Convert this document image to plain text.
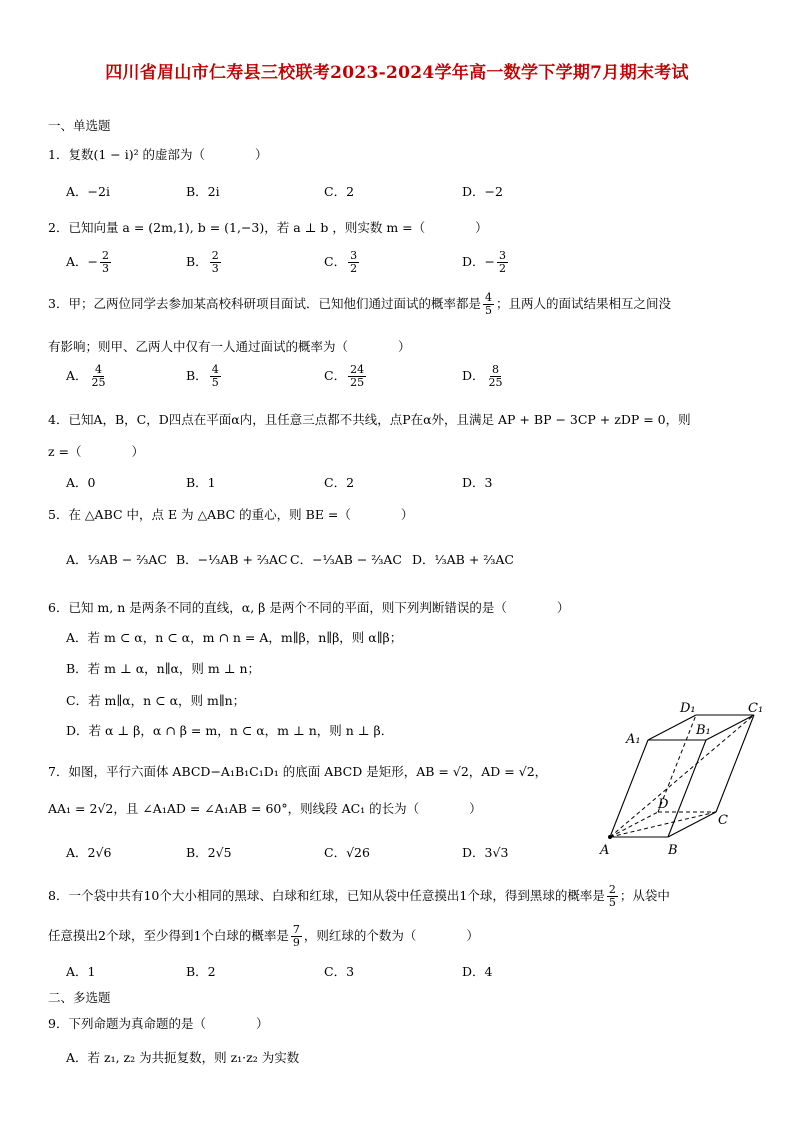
四川省眉山市仁寿县三校联考2023-2024学年高一数学下学期7月期末考试
一、单选题
1．复数(1 − i)² 的虚部为（　　　　）
A．−2i	B．2i	C．2	D．−2
2．已知向量 a = (2m,1), b = (1,−3)，若 a ⊥ b ，则实数 m =（　　　　）
A．− $\frac{2}{3}$	B． $\frac{2}{3}$	C． $\frac{3}{2}$	D．− $\frac{3}{2}$
3．甲；乙两位同学去参加某高校科研项目面试．已知他们通过面试的概率都是 $\frac{4}{5}$ ；且两人的面试结果相互之间没
有影响；则甲、乙两人中仅有一人通过面试的概率为（　　　　）
A． $\frac{4}{25}$	B． $\frac{4}{5}$	C． $\frac{24}{25}$	D． $\frac{8}{25}$
4．已知A，B，C，D四点在平面α内，且任意三点都不共线，点P在α外，且满足 AP + BP − 3CP + zDP = 0，则
z =（　　　　）
A．0	B．1	C．2	D．3
5．在 △ABC 中，点 E 为 △ABC 的重心，则 BE =（　　　　）
A．⅓AB − ⅔AC B．−⅓AB + ⅔AC C．−⅓AB − ⅔AC D．⅓AB + ⅔AC
6．已知 m, n 是两条不同的直线，α, β 是两个不同的平面，则下列判断错误的是（　　　　）
A．若 m ⊂ α，n ⊂ α，m ∩ n = A，m∥β，n∥β，则 α∥β；
B．若 m ⊥ α，n∥α，则 m ⊥ n；
C．若 m∥α，n ⊂ α，则 m∥n；
D．若 α ⊥ β，α ∩ β = m，n ⊂ α，m ⊥ n，则 n ⊥ β．
7．如图，平行六面体 ABCD−A₁B₁C₁D₁ 的底面 ABCD 是矩形，AB = √2，AD = √2，
AA₁ = 2√2，且 ∠A₁AD = ∠A₁AB = 60°，则线段 AC₁ 的长为（　　　　）
A．2√6	B．2√5	C．√26	D．3√3	A	B
C
D
A₁
B₁
C₁
D₁
8．一个袋中共有10个大小相同的黑球、白球和红球，已知从袋中任意摸出1个球，得到黑球的概率是 $\frac{2}{5}$ ；从袋中
任意摸出2个球，至少得到1个白球的概率是 $\frac{7}{9}$ ，则红球的个数为（　　　　）
A．1	B．2	C．3	D．4
二、多选题
9．下列命题为真命题的是（　　　　）
A．若 z₁, z₂ 为共扼复数，则 z₁·z₂ 为实数
